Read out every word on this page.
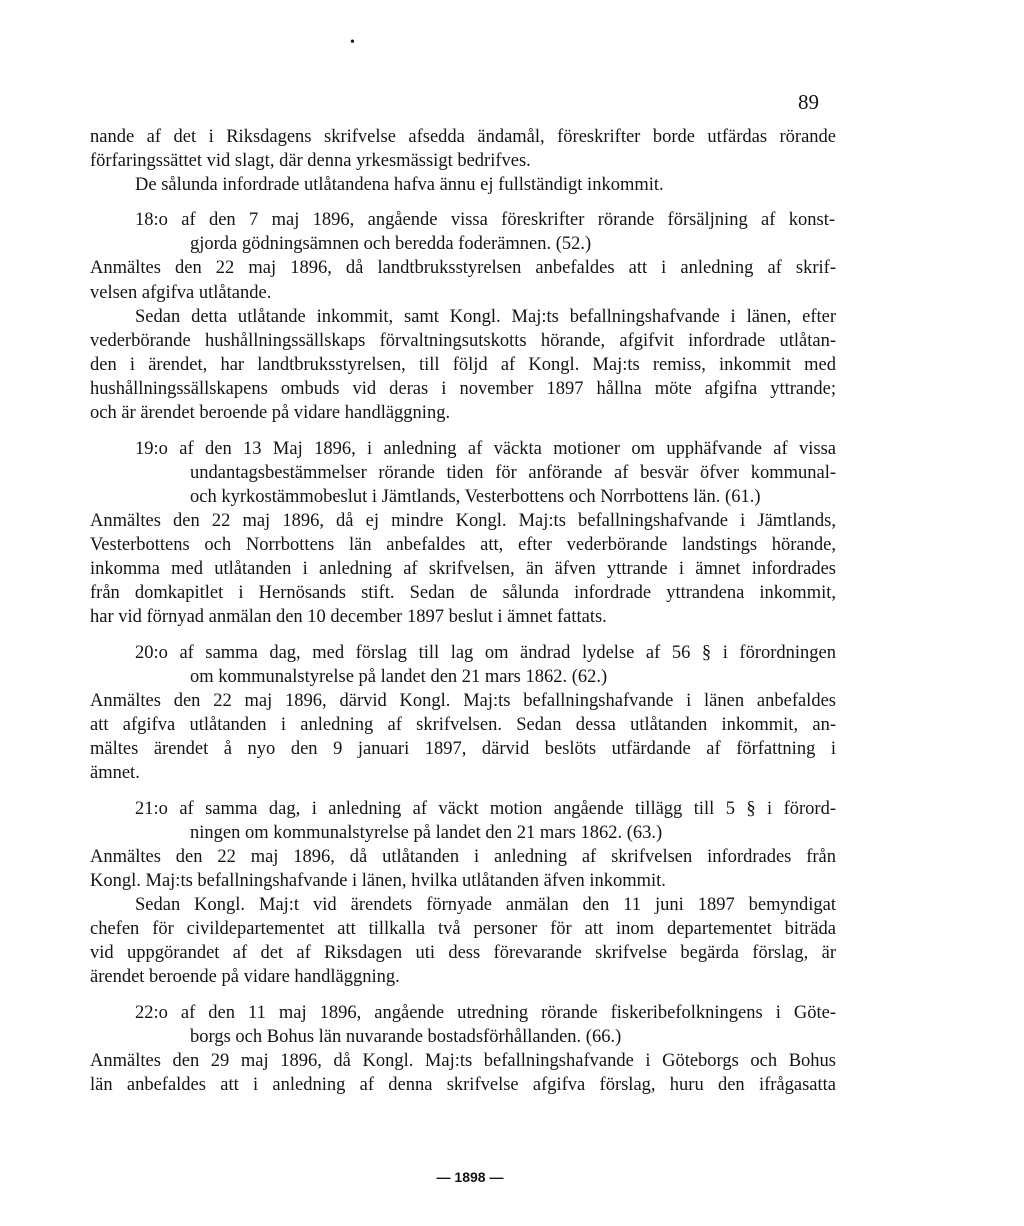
•
89

nande af det i Riksdagens skrifvelse afsedda ändamål, föreskrifter borde utfärdas rörande

förfaringssättet vid slagt, där denna yrkesmässigt bedrifves.

De sålunda infordrade utlåtandena hafva ännu ej fullständigt inkommit.

18:o af den 7 maj 1896, angående vissa föreskrifter rörande försäljning af konst-

gjorda gödningsämnen och beredda foderämnen. (52.)

Anmältes den 22 maj 1896, då landtbruksstyrelsen anbefaldes att i anledning af skrif-

velsen afgifva utlåtande.

Sedan detta utlåtande inkommit, samt Kongl. Maj:ts befallningshafvande i länen, efter

vederbörande hushållningssällskaps förvaltningsutskotts hörande, afgifvit infordrade utlåtan-

den i ärendet, har landtbruksstyrelsen, till följd af Kongl. Maj:ts remiss, inkommit med

hushållningssällskapens ombuds vid deras i november 1897 hållna möte afgifna yttrande;

och är ärendet beroende på vidare handläggning.

19:o af den 13 Maj 1896, i anledning af väckta motioner om upphäfvande af vissa

undantagsbestämmelser rörande tiden för anförande af besvär öfver kommunal-

och kyrkostämmobeslut i Jämtlands, Vesterbottens och Norrbottens län. (61.)

Anmältes den 22 maj 1896, då ej mindre Kongl. Maj:ts befallningshafvande i Jämtlands,

Vesterbottens och Norrbottens län anbefaldes att, efter vederbörande landstings hörande,

inkomma med utlåtanden i anledning af skrifvelsen, än äfven yttrande i ämnet infordrades

från domkapitlet i Hernösands stift. Sedan de sålunda infordrade yttrandena inkommit,

har vid förnyad anmälan den 10 december 1897 beslut i ämnet fattats.

20:o af samma dag, med förslag till lag om ändrad lydelse af 56 § i förordningen

om kommunalstyrelse på landet den 21 mars 1862. (62.)

Anmältes den 22 maj 1896, därvid Kongl. Maj:ts befallningshafvande i länen anbefaldes

att afgifva utlåtanden i anledning af skrifvelsen. Sedan dessa utlåtanden inkommit, an-

mältes ärendet å nyo den 9 januari 1897, därvid beslöts utfärdande af författning i

ämnet.

21:o af samma dag, i anledning af väckt motion angående tillägg till 5 § i förord-

ningen om kommunalstyrelse på landet den 21 mars 1862. (63.)

Anmältes den 22 maj 1896, då utlåtanden i anledning af skrifvelsen infordrades från

Kongl. Maj:ts befallningshafvande i länen, hvilka utlåtanden äfven inkommit.

Sedan Kongl. Maj:t vid ärendets förnyade anmälan den 11 juni 1897 bemyndigat

chefen för civildepartementet att tillkalla två personer för att inom departementet biträda

vid uppgörandet af det af Riksdagen uti dess förevarande skrifvelse begärda förslag, är

ärendet beroende på vidare handläggning.

22:o af den 11 maj 1896, angående utredning rörande fiskeribefolkningens i Göte-

borgs och Bohus län nuvarande bostadsförhållanden. (66.)

Anmältes den 29 maj 1896, då Kongl. Maj:ts befallningshafvande i Göteborgs och Bohus

län anbefaldes att i anledning af denna skrifvelse afgifva förslag, huru den ifrågasatta

— 1898 —
